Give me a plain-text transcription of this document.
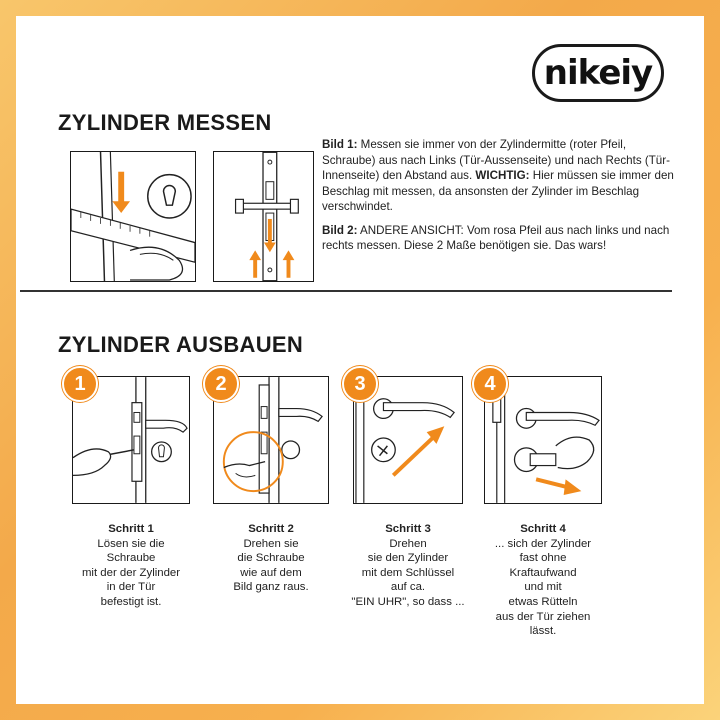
nikeiy
ZYLINDER MESSEN

Bild 1: Messen sie immer von der Zylindermitte (roter Pfeil, Schraube) aus nach Links (Tür-Aussenseite) und nach Rechts (Tür-Innenseite) den Abstand aus. WICHTIG: Hier müssen sie immer den Beschlag mit messen, da ansonsten der Zylinder im Beschlag verschwindet.

Bild 2: ANDERE ANSICHT: Vom rosa Pfeil aus nach links und nach rechts messen. Diese 2 Maße benötigen sie. Das wars!

ZYLINDER AUSBAUEN
1	2	3	4
Schritt 1
Lösen sie die
Schraube
mit der der Zylinder
in der Tür
befestigt ist.
Schritt 2
Drehen sie
die Schraube
wie auf dem
Bild ganz raus.
Schritt 3
Drehen
sie den Zylinder
mit dem Schlüssel
auf ca.
"EIN UHR", so dass ...
Schritt 4
... sich der Zylinder
fast ohne
Kraftaufwand
und mit
etwas Rütteln
aus der Tür ziehen
lässt.
